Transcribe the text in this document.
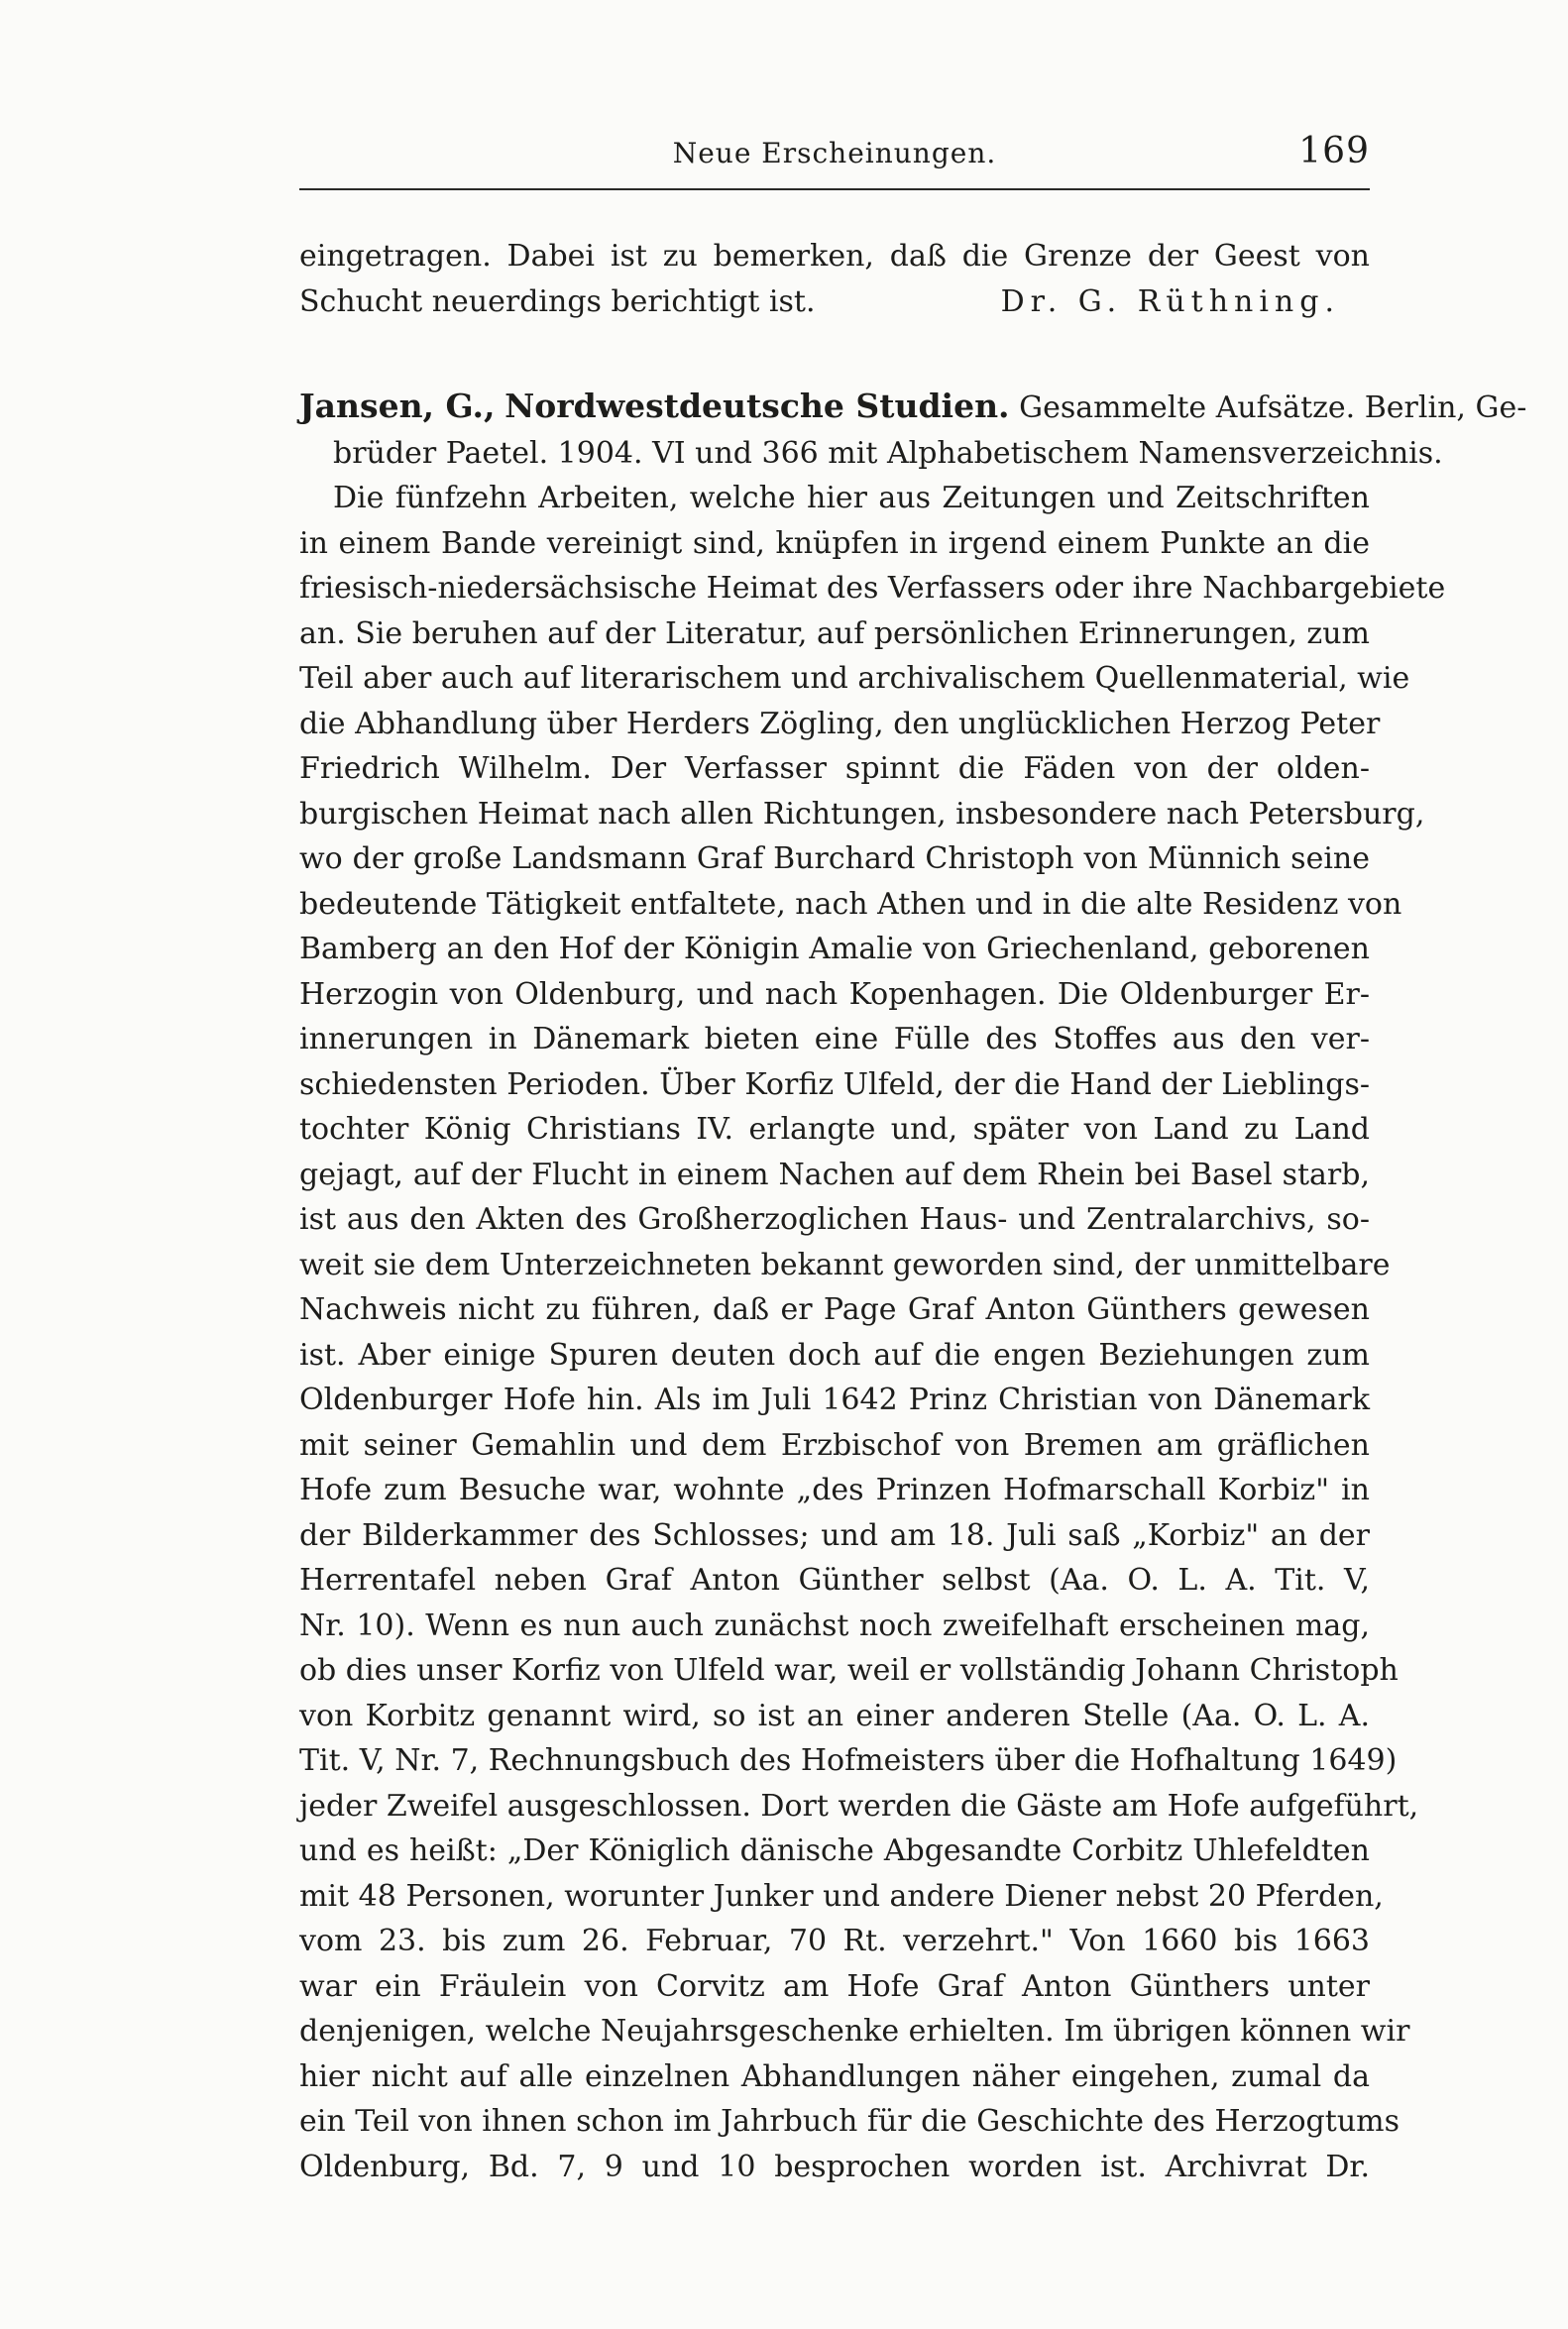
Neue Erscheinungen.	169
eingetragen. Dabei ist zu bemerken, daß die Grenze der Geest von
Schucht neuerdings berichtigt ist.	Dr. G. Rüthning.
Jansen, G., Nordwestdeutsche Studien. Gesammelte Aufsätze. Berlin, Ge-
brüder Paetel. 1904. VI und 366 mit Alphabetischem Namensverzeichnis.
Die fünfzehn Arbeiten, welche hier aus Zeitungen und Zeitschriften
in einem Bande vereinigt sind, knüpfen in irgend einem Punkte an die
friesisch-niedersächsische Heimat des Verfassers oder ihre Nachbargebiete
an. Sie beruhen auf der Literatur, auf persönlichen Erinnerungen, zum
Teil aber auch auf literarischem und archivalischem Quellenmaterial, wie
die Abhandlung über Herders Zögling, den unglücklichen Herzog Peter
Friedrich Wilhelm. Der Verfasser spinnt die Fäden von der olden-
burgischen Heimat nach allen Richtungen, insbesondere nach Petersburg,
wo der große Landsmann Graf Burchard Christoph von Münnich seine
bedeutende Tätigkeit entfaltete, nach Athen und in die alte Residenz von
Bamberg an den Hof der Königin Amalie von Griechenland, geborenen
Herzogin von Oldenburg, und nach Kopenhagen. Die Oldenburger Er-
innerungen in Dänemark bieten eine Fülle des Stoffes aus den ver-
schiedensten Perioden. Über Korfiz Ulfeld, der die Hand der Lieblings-
tochter König Christians IV. erlangte und, später von Land zu Land
gejagt, auf der Flucht in einem Nachen auf dem Rhein bei Basel starb,
ist aus den Akten des Großherzoglichen Haus- und Zentralarchivs, so-
weit sie dem Unterzeichneten bekannt geworden sind, der unmittelbare
Nachweis nicht zu führen, daß er Page Graf Anton Günthers gewesen
ist. Aber einige Spuren deuten doch auf die engen Beziehungen zum
Oldenburger Hofe hin. Als im Juli 1642 Prinz Christian von Dänemark
mit seiner Gemahlin und dem Erzbischof von Bremen am gräflichen
Hofe zum Besuche war, wohnte „des Prinzen Hofmarschall Korbiz" in
der Bilderkammer des Schlosses; und am 18. Juli saß „Korbiz" an der
Herrentafel neben Graf Anton Günther selbst (Aa. O. L. A. Tit. V,
Nr. 10). Wenn es nun auch zunächst noch zweifelhaft erscheinen mag,
ob dies unser Korfiz von Ulfeld war, weil er vollständig Johann Christoph
von Korbitz genannt wird, so ist an einer anderen Stelle (Aa. O. L. A.
Tit. V, Nr. 7, Rechnungsbuch des Hofmeisters über die Hofhaltung 1649)
jeder Zweifel ausgeschlossen. Dort werden die Gäste am Hofe aufgeführt,
und es heißt: „Der Königlich dänische Abgesandte Corbitz Uhlefeldten
mit 48 Personen, worunter Junker und andere Diener nebst 20 Pferden,
vom 23. bis zum 26. Februar, 70 Rt. verzehrt." Von 1660 bis 1663
war ein Fräulein von Corvitz am Hofe Graf Anton Günthers unter
denjenigen, welche Neujahrsgeschenke erhielten. Im übrigen können wir
hier nicht auf alle einzelnen Abhandlungen näher eingehen, zumal da
ein Teil von ihnen schon im Jahrbuch für die Geschichte des Herzogtums
Oldenburg, Bd. 7, 9 und 10 besprochen worden ist. Archivrat Dr.
